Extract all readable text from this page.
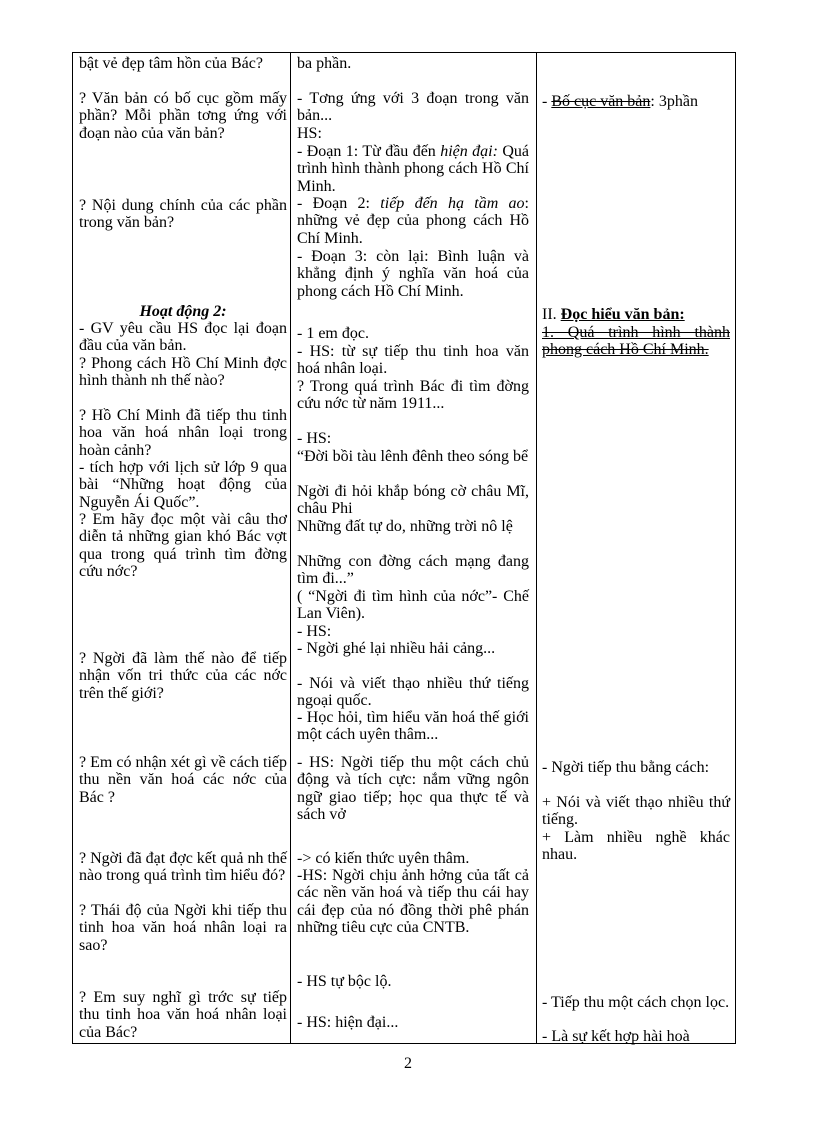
bật vẻ đẹp tâm hồn của Bác?

? Văn bản có bố cục gồm mấy phần? Mỗi phần tơng ứng với đoạn nào của văn bản?

? Nội dung chính của các phần trong văn bản?

Hoạt động 2:

- GV yêu cầu HS đọc lại đoạn đầu của văn bản.

? Phong cách Hồ Chí Minh đợc hình thành nh thế nào?

? Hồ Chí Minh đã tiếp thu tinh hoa văn hoá nhân loại trong hoàn cảnh?

- tích hợp với lịch sử lớp 9 qua bài “Những hoạt động của Nguyễn Ái Quốc”.

? Em hãy đọc một vài câu thơ diễn tả những gian khó Bác vợt qua trong quá trình tìm đờng cứu nớc?

? Ngời đã làm thế nào để tiếp nhận vốn tri thức của các nớc trên thế giới?

? Em có nhận xét gì về cách tiếp thu nền văn hoá các nớc của Bác ?

? Ngời đã đạt đợc kết quả nh thế nào trong quá trình tìm hiểu đó?

? Thái độ của Ngời khi tiếp thu tinh hoa văn hoá nhân loại ra sao?

? Em suy nghĩ gì trớc sự tiếp thu tinh hoa văn hoá nhân loại của Bác?

ba phần.

- Tơng ứng với 3 đoạn trong văn bản...

HS:

- Đoạn 1: Từ đầu đến hiện đại: Quá trình hình thành phong cách Hồ Chí Minh.

- Đoạn 2: tiếp đến hạ tầm ao: những vẻ đẹp của phong cách Hồ Chí Minh.

- Đoạn 3: còn lại: Bình luận và khẳng định ý nghĩa văn hoá của phong cách Hồ Chí Minh.

- 1 em đọc.

- HS: từ sự tiếp thu tinh hoa văn hoá nhân loại.

? Trong quá trình Bác đi tìm đờng cứu nớc từ năm 1911...

- HS:

“Đời bồi tàu lênh đênh theo sóng bể

Ngời đi hỏi khắp bóng cờ châu Mĩ, châu Phi

Những đất tự do, những trời nô lệ

Những con đờng cách mạng đang tìm đi...”

( “Ngời đi tìm hình của nớc”- Chế Lan Viên).

- HS:

- Ngời ghé lại nhiều hải cảng...

- Nói và viết thạo nhiều thứ tiếng ngoại quốc.

- Học hỏi, tìm hiểu văn hoá thế giới một cách uyên thâm...

- HS: Ngời tiếp thu một cách chủ động và tích cực: nắm vững ngôn ngữ giao tiếp; học qua thực tế và sách vở

-> có kiến thức uyên thâm.

-HS: Ngời chịu ảnh hởng của tất cả các nền văn hoá và tiếp thu cái hay cái đẹp của nó đồng thời phê phán những tiêu cực của CNTB.

- HS tự bộc lộ.

- HS: hiện đại...

- Bố cục văn bản: 3phần

II. Đọc hiểu văn bản:

1. Quá trình hình thành phong cách Hồ Chí Minh.

- Ngời tiếp thu bằng cách:

+ Nói và viết thạo nhiều thứ tiếng.

+ Làm nhiều nghề khác nhau.

- Tiếp thu một cách chọn lọc.

- Là sự kết hợp hài hoà

2
